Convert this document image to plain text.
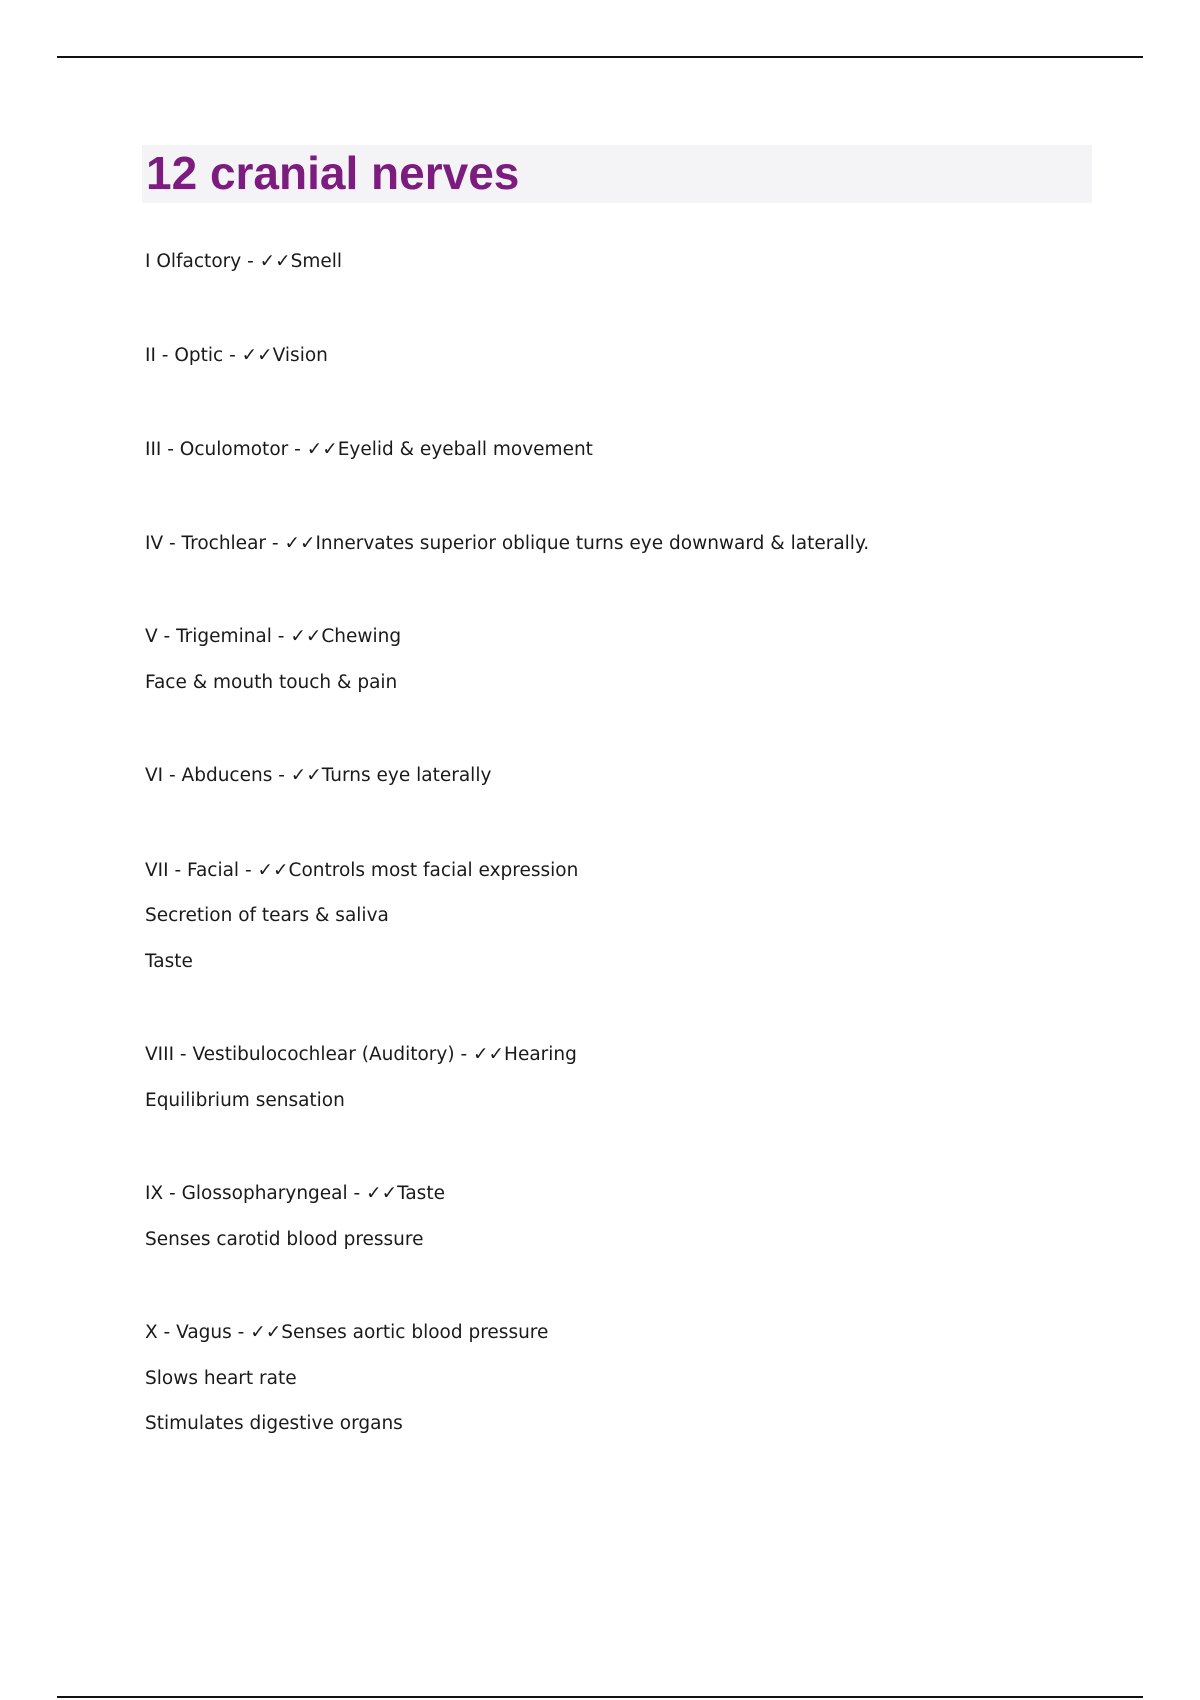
12 cranial nerves
I Olfactory - ✓✓Smell
II - Optic - ✓✓Vision
III - Oculomotor - ✓✓Eyelid & eyeball movement
IV - Trochlear - ✓✓Innervates superior oblique turns eye downward & laterally.
V - Trigeminal - ✓✓Chewing
Face & mouth touch & pain
VI - Abducens - ✓✓Turns eye laterally
VII - Facial - ✓✓Controls most facial expression
Secretion of tears & saliva
Taste
VIII - Vestibulocochlear (Auditory) - ✓✓Hearing
Equilibrium sensation
IX - Glossopharyngeal - ✓✓Taste
Senses carotid blood pressure
X - Vagus - ✓✓Senses aortic blood pressure
Slows heart rate
Stimulates digestive organs
